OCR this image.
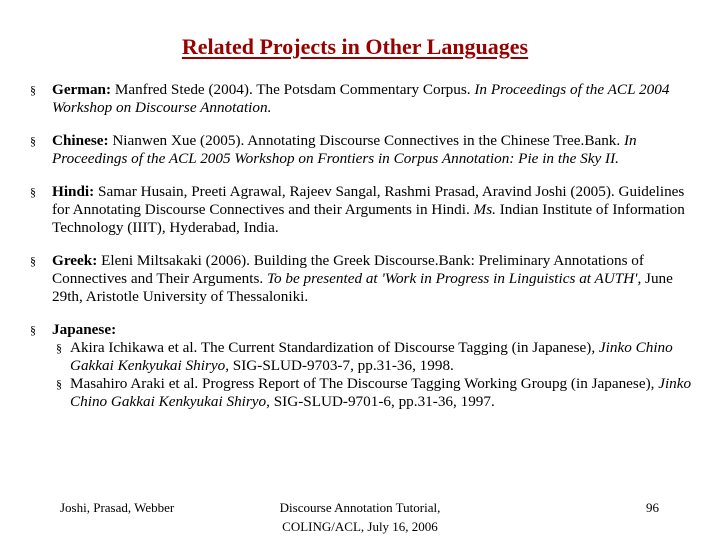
Related Projects in Other Languages
§ German: Manfred Stede (2004). The Potsdam Commentary Corpus. In Proceedings of the ACL 2004 Workshop on Discourse Annotation.
§ Chinese: Nianwen Xue (2005). Annotating Discourse Connectives in the Chinese Tree.Bank. In Proceedings of the ACL 2005 Workshop on Frontiers in Corpus Annotation: Pie in the Sky II.
§ Hindi: Samar Husain, Preeti Agrawal, Rajeev Sangal, Rashmi Prasad, Aravind Joshi (2005). Guidelines for Annotating Discourse Connectives and their Arguments in Hindi. Ms. Indian Institute of Information Technology (IIIT), Hyderabad, India.
§ Greek: Eleni Miltsakaki (2006). Building the Greek Discourse.Bank: Preliminary Annotations of Connectives and Their Arguments. To be presented at 'Work in Progress in Linguistics at AUTH', June 29th, Aristotle University of Thessaloniki.
§ Japanese:
§ Akira Ichikawa et al. The Current Standardization of Discourse Tagging (in Japanese), Jinko Chino Gakkai Kenkyukai Shiryo, SIG-SLUD-9703-7, pp.31-36, 1998.
§ Masahiro Araki et al. Progress Report of The Discourse Tagging Working Groupg (in Japanese), Jinko Chino Gakkai Kenkyukai Shiryo, SIG-SLUD-9701-6, pp.31-36, 1997.
Joshi, Prasad, Webber	Discourse Annotation Tutorial,
COLING/ACL, July 16, 2006
96
